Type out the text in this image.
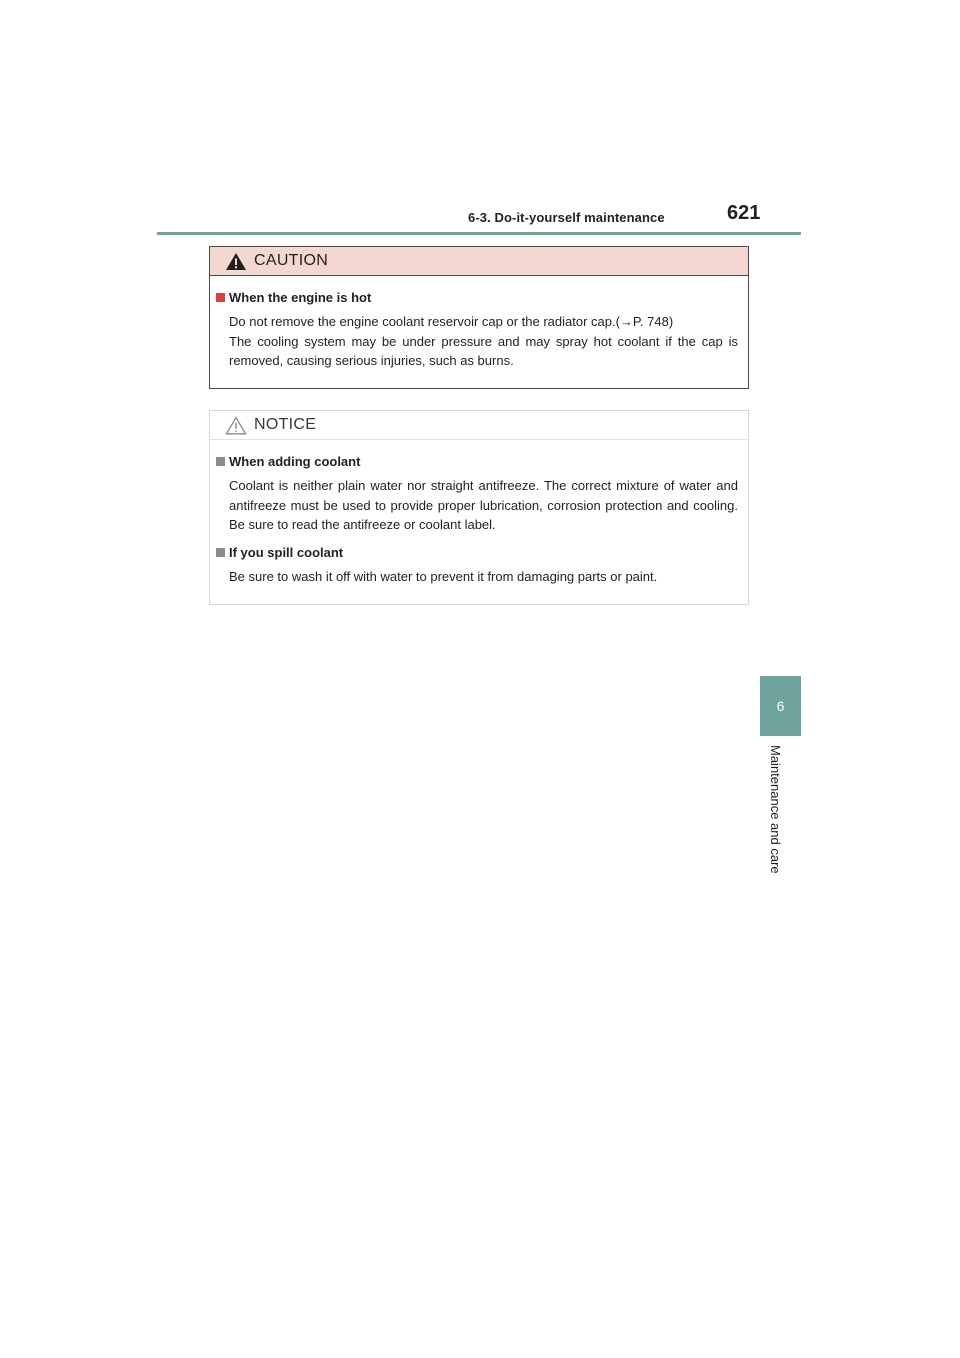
6-3. Do-it-yourself maintenance	621
6
Maintenance and care
CAUTION
When the engine is hot

Do not remove the engine coolant reservoir cap or the radiator cap.(→P. 748)

The cooling system may be under pressure and may spray hot coolant if the cap is removed, causing serious injuries, such as burns.

NOTICE
When adding coolant

Coolant is neither plain water nor straight antifreeze. The correct mixture of water and antifreeze must be used to provide proper lubrication, corrosion protection and cooling. Be sure to read the antifreeze or coolant label.

If you spill coolant

Be sure to wash it off with water to prevent it from damaging parts or paint.
